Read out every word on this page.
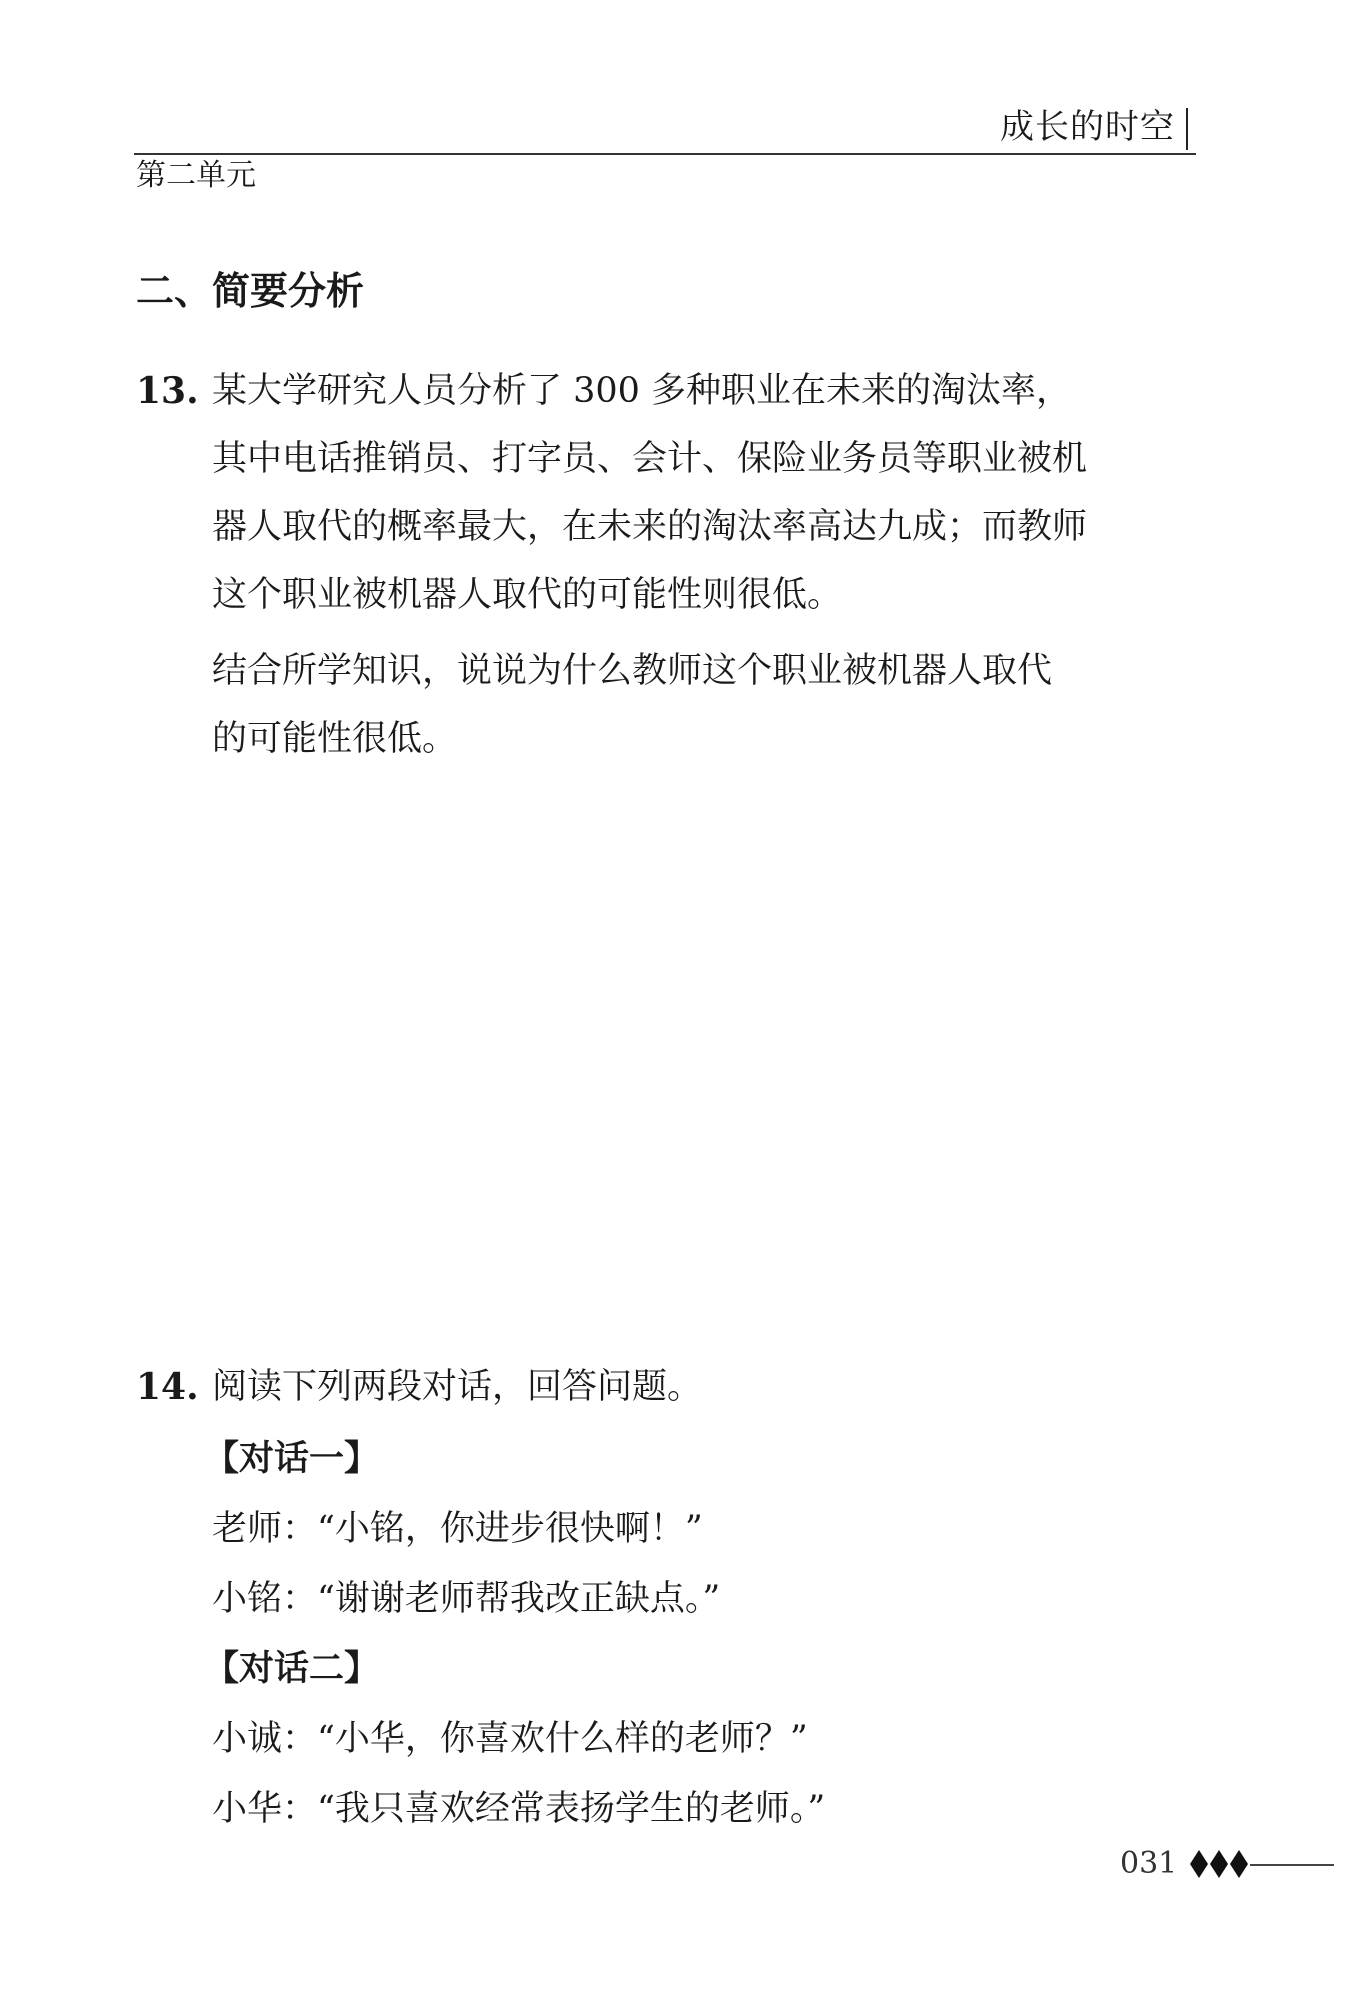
成长的时空
第二单元
二、简要分析
13. 某大学研究人员分析了 300 多种职业在未来的淘汰率，
其中电话推销员、打字员、会计、保险业务员等职业被机
器人取代的概率最大，在未来的淘汰率高达九成；而教师
这个职业被机器人取代的可能性则很低。
结合所学知识，说说为什么教师这个职业被机器人取代
的可能性很低。
14. 阅读下列两段对话，回答问题。
【对话一】
老师：“小铭，你进步很快啊！”
小铭：“谢谢老师帮我改正缺点。”
【对话二】
小诚：“小华，你喜欢什么样的老师？”
小华：“我只喜欢经常表扬学生的老师。”
031
